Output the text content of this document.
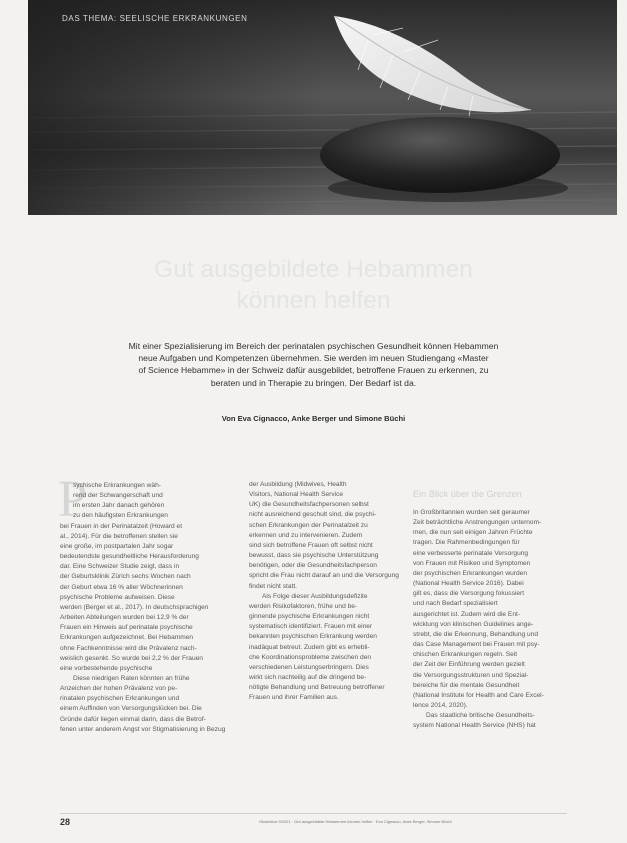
DAS THEMA: SEELISCHE ERKRANKUNGEN
Gut ausgebildete Hebammen
können helfen
Mit einer Spezialisierung im Bereich der perinatalen psychischen Gesundheit können Hebammen
neue Aufgaben und Kompetenzen übernehmen. Sie werden im neuen Studiengang «Master
of Science Hebamme» in der Schweiz dafür ausgebildet, betroffene Frauen zu erkennen, zu
beraten und in Therapie zu bringen. Der Bedarf ist da.
Von Eva Cignacco, Anke Berger und Simone Büchi
P
sychische Erkrankungen wäh-
rend der Schwangerschaft und
im ersten Jahr danach gehören
zu den häufigsten Erkrankungen
bei Frauen in der Perinatalzeit (Howard et
al., 2014). Für die betroffenen stellen sie
eine große, im postpartalen Jahr sogar
bedeutendste gesundheitliche Herausforderung
dar. Eine Schweizer Studie zeigt, dass in
der Geburtsklinik Zürich sechs Wochen nach
der Geburt etwa 16 % aller Wöchnerinnen
psychische Probleme aufweisen. Diese
werden (Berger et al., 2017). In deutschsprachigen
Arbeiten Abteilungen wurden bei 12,9 % der
Frauen ein Hinweis auf perinatale psychische
Erkrankungen aufgezeichnet. Bei Hebammen
ohne Fachkenntnisse wird die Prävalenz nach-
weislich gesenkt. So wurde bei 2,2 % der Frauen
eine vorbestehende psychische
Diese niedrigen Raten könnten an frühe
Anzeichen der hohen Prävalenz von pe-
rinatalen psychischen Erkrankungen und
einem Auffinden von Versorgungslücken bei. Die
Gründe dafür liegen einmal darin, dass die Betrof-
fenen unter anderem Angst vor Stigmatisierung in Bezug
der Ausbildung (Midwives, Health
Visitors, National Health Service
UK) die Gesundheitsfachpersonen selbst
nicht ausreichend geschult sind, die psychi-
schen Erkrankungen der Perinatalzeit zu
erkennen und zu intervenieren. Zudem
sind sich betroffene Frauen oft selbst nicht
bewusst, dass sie psychische Unterstützung
benötigen, oder die Gesundheitsfachperson
spricht die Frau nicht darauf an und die Versorgung
findet nicht statt.
Als Folge dieser Ausbildungsdefizite
werden Risikofaktoren, frühe und be-
ginnende psychische Erkrankungen nicht
systematisch identifiziert. Frauen mit einer
bekannten psychischen Erkrankung werden
inadäquat betreut. Zudem gibt es erhebli-
che Koordinationsprobleme zwischen den
verschiedenen Leistungserbringern. Dies
wirkt sich nachteilig auf die dringend be-
nötigte Behandlung und Betreuung betroffener
Frauen und ihrer Familien aus.
Ein Blick über die Grenzen
In Großbritannien wurden seit geraumer
Zeit beträchtliche Anstrengungen unternom-
men, die nun seit einigen Jahren Früchte
tragen. Die Rahmenbedingungen für
eine verbesserte perinatale Versorgung
von Frauen mit Risiken und Symptomen
der psychischen Erkrankungen wurden
(National Health Service 2016). Dabei
gilt es, dass die Versorgung fokussiert
und nach Bedarf spezialisiert
ausgerichtet ist. Zudem wird die Ent-
wicklung von klinischen Guidelines ange-
strebt, die die Erkennung, Behandlung und
das Case Management bei Frauen mit psy-
chischen Erkrankungen regeln. Seit
der Zeit der Einführung werden gezielt
die Versorgungsstrukturen und Spezial-
bereiche für die mentale Gesundheit
(National Institute for Health and Care Excel-
lence 2014, 2020).
Das staatliche britische Gesundheits-
system National Health Service (NHS) hat
28	Obstetrica 9/2021 · Gut ausgebildete Hebammen können helfen · Eva Cignacco, Anke Berger, Simone Büchi
